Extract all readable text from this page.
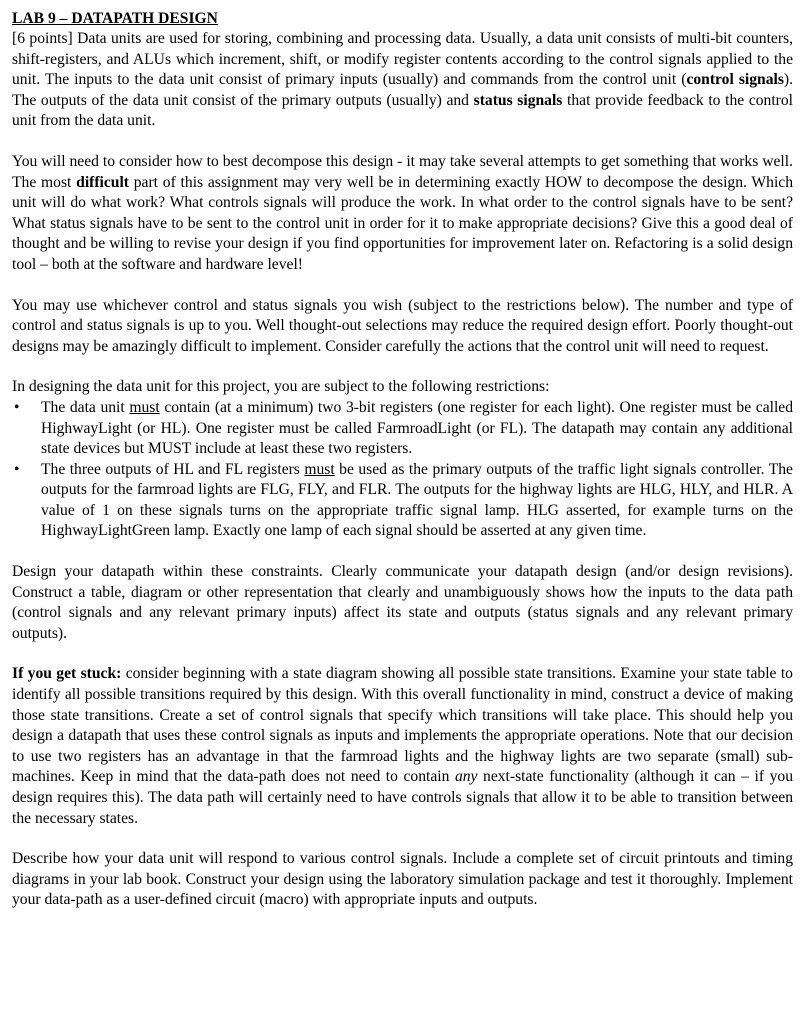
LAB 9 – DATAPATH DESIGN

[6 points] Data units are used for storing, combining and processing data. Usually, a data unit consists of multi-bit counters, shift-registers, and ALUs which increment, shift, or modify register contents according to the control signals applied to the unit. The inputs to the data unit consist of primary inputs (usually) and commands from the control unit (control signals). The outputs of the data unit consist of the primary outputs (usually) and status signals that provide feedback to the control unit from the data unit.

You will need to consider how to best decompose this design - it may take several attempts to get something that works well. The most difficult part of this assignment may very well be in determining exactly HOW to decompose the design. Which unit will do what work? What controls signals will produce the work. In what order to the control signals have to be sent? What status signals have to be sent to the control unit in order for it to make appropriate decisions? Give this a good deal of thought and be willing to revise your design if you find opportunities for improvement later on. Refactoring is a solid design tool – both at the software and hardware level!

You may use whichever control and status signals you wish (subject to the restrictions below). The number and type of control and status signals is up to you. Well thought-out selections may reduce the required design effort. Poorly thought-out designs may be amazingly difficult to implement. Consider carefully the actions that the control unit will need to request.

In designing the data unit for this project, you are subject to the following restrictions:

• The data unit must contain (at a minimum) two 3-bit registers (one register for each light). One register must be called HighwayLight (or HL). One register must be called FarmroadLight (or FL). The datapath may contain any additional state devices but MUST include at least these two registers.
• The three outputs of HL and FL registers must be used as the primary outputs of the traffic light signals controller. The outputs for the farmroad lights are FLG, FLY, and FLR. The outputs for the highway lights are HLG, HLY, and HLR. A value of 1 on these signals turns on the appropriate traffic signal lamp. HLG asserted, for example turns on the HighwayLightGreen lamp. Exactly one lamp of each signal should be asserted at any given time.

Design your datapath within these constraints. Clearly communicate your datapath design (and/or design revisions). Construct a table, diagram or other representation that clearly and unambiguously shows how the inputs to the data path (control signals and any relevant primary inputs) affect its state and outputs (status signals and any relevant primary outputs).

If you get stuck: consider beginning with a state diagram showing all possible state transitions. Examine your state table to identify all possible transitions required by this design. With this overall functionality in mind, construct a device of making those state transitions. Create a set of control signals that specify which transitions will take place. This should help you design a datapath that uses these control signals as inputs and implements the appropriate operations. Note that our decision to use two registers has an advantage in that the farmroad lights and the highway lights are two separate (small) sub-machines. Keep in mind that the data-path does not need to contain any next-state functionality (although it can – if you design requires this). The data path will certainly need to have controls signals that allow it to be able to transition between the necessary states.

Describe how your data unit will respond to various control signals. Include a complete set of circuit printouts and timing diagrams in your lab book. Construct your design using the laboratory simulation package and test it thoroughly. Implement your data-path as a user-defined circuit (macro) with appropriate inputs and outputs.
